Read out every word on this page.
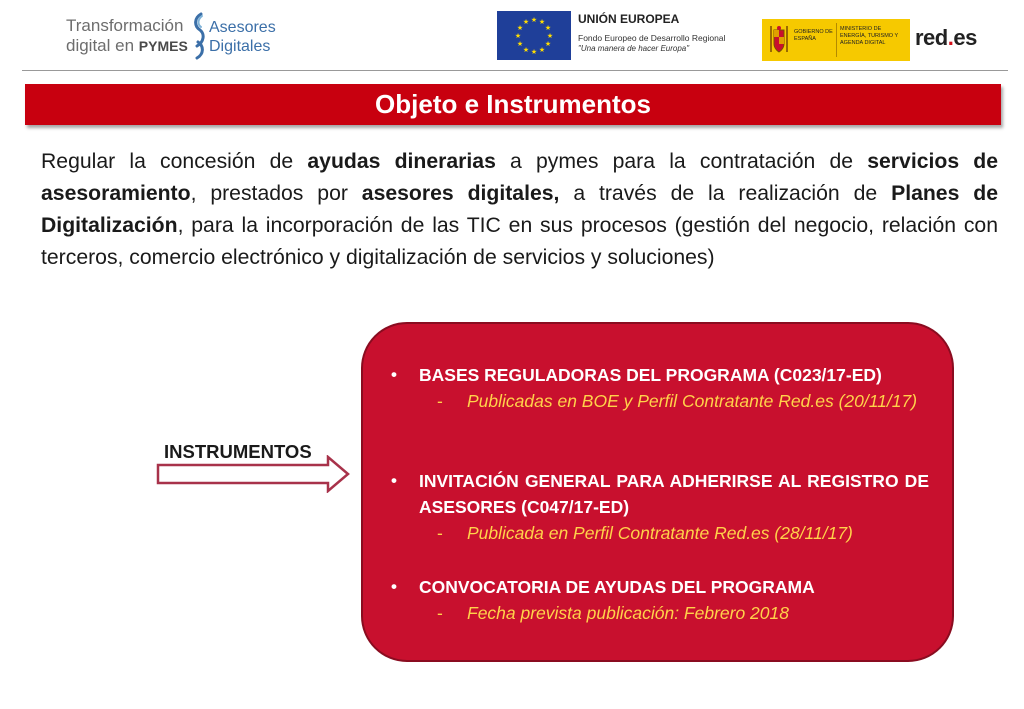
Transformación
digital en PYMES
Asesores
Digitales
★ ★
★
★
★
★
★
★
★
★
★
★	UNIÓN EUROPEA
Fondo Europeo de Desarrollo Regional
"Una manera de hacer Europa"
GOBIERNO DE ESPAÑA
MINISTERIO DE ENERGÍA, TURISMO Y AGENDA DIGITAL	red.es
Objeto e Instrumentos

Regular la concesión de ayudas dinerarias a pymes para la contratación de servicios de asesoramiento, prestados por asesores digitales, a través de la realización de Planes de Digitalización, para la incorporación de las TIC en sus procesos (gestión del negocio, relación con terceros, comercio electrónico y digitalización de servicios y soluciones)

INSTRUMENTOS
• BASES REGULADORAS DEL PROGRAMA (C023/17-ED)
- Publicadas en BOE y Perfil Contratante Red.es (20/11/17)
• INVITACIÓN GENERAL PARA ADHERIRSE AL REGISTRO DE ASESORES (C047/17-ED)
- Publicada en Perfil Contratante Red.es (28/11/17)
• CONVOCATORIA DE AYUDAS DEL PROGRAMA
- Fecha prevista publicación: Febrero 2018
